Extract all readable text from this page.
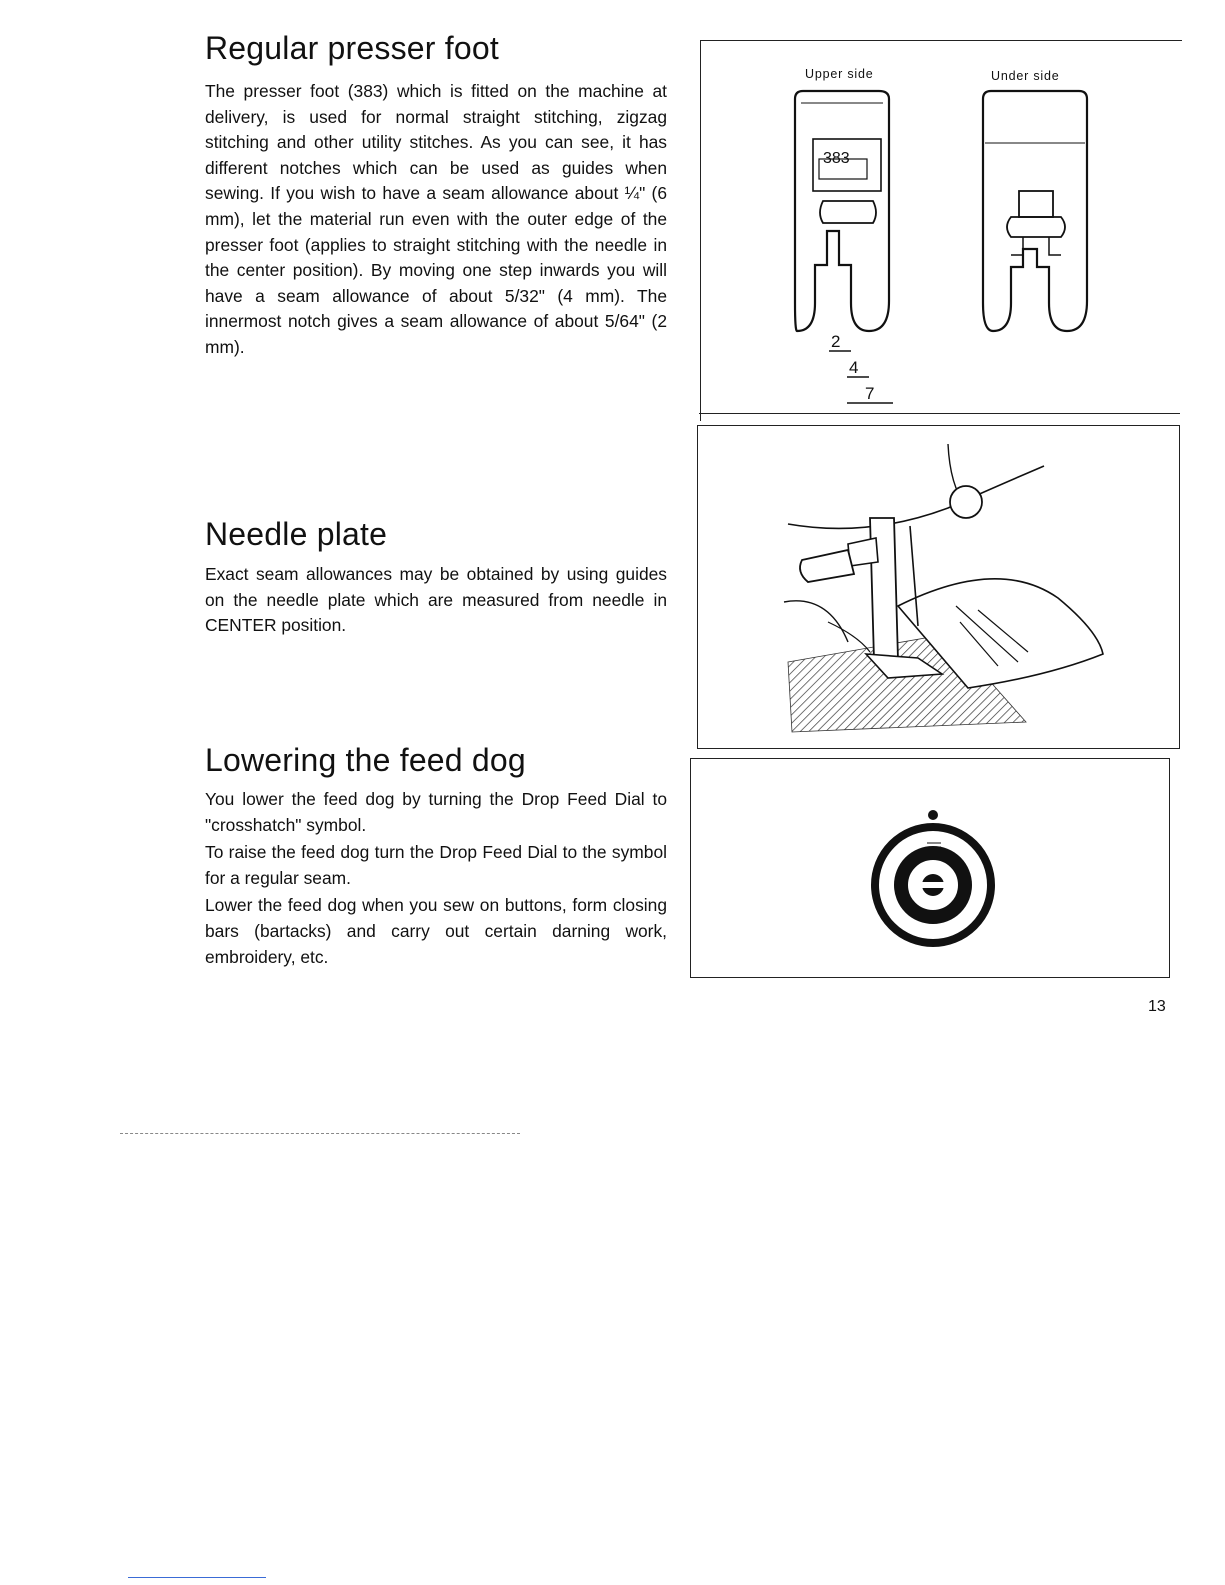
Regular presser foot

The presser foot (383) which is fitted on the machine at delivery, is used for normal straight stitching, zigzag stitching and other utility stitches. As you can see, it has different notches which can be used as guides when sewing. If you wish to have a seam allowance about ¼" (6 mm), let the material run even with the outer edge of the presser foot (applies to straight stitching with the needle in the center position). By moving one step inwards you will have a seam allowance of about 5/32" (4 mm). The innermost notch gives a seam allowance of about 5/64" (2 mm).

Needle plate

Exact seam allowances may be obtained by using guides on the needle plate which are measured from needle in CENTER position.

Lowering the feed dog

You lower the feed dog by turning the Drop Feed Dial to "crosshatch" symbol.

To raise the feed dog turn the Drop Feed Dial to the symbol for a regular seam.

Lower the feed dog when you sew on buttons, form closing bars (bartacks) and carry out certain darning work, embroidery, etc.

Upper side	Under side
383
2
4
7
13
